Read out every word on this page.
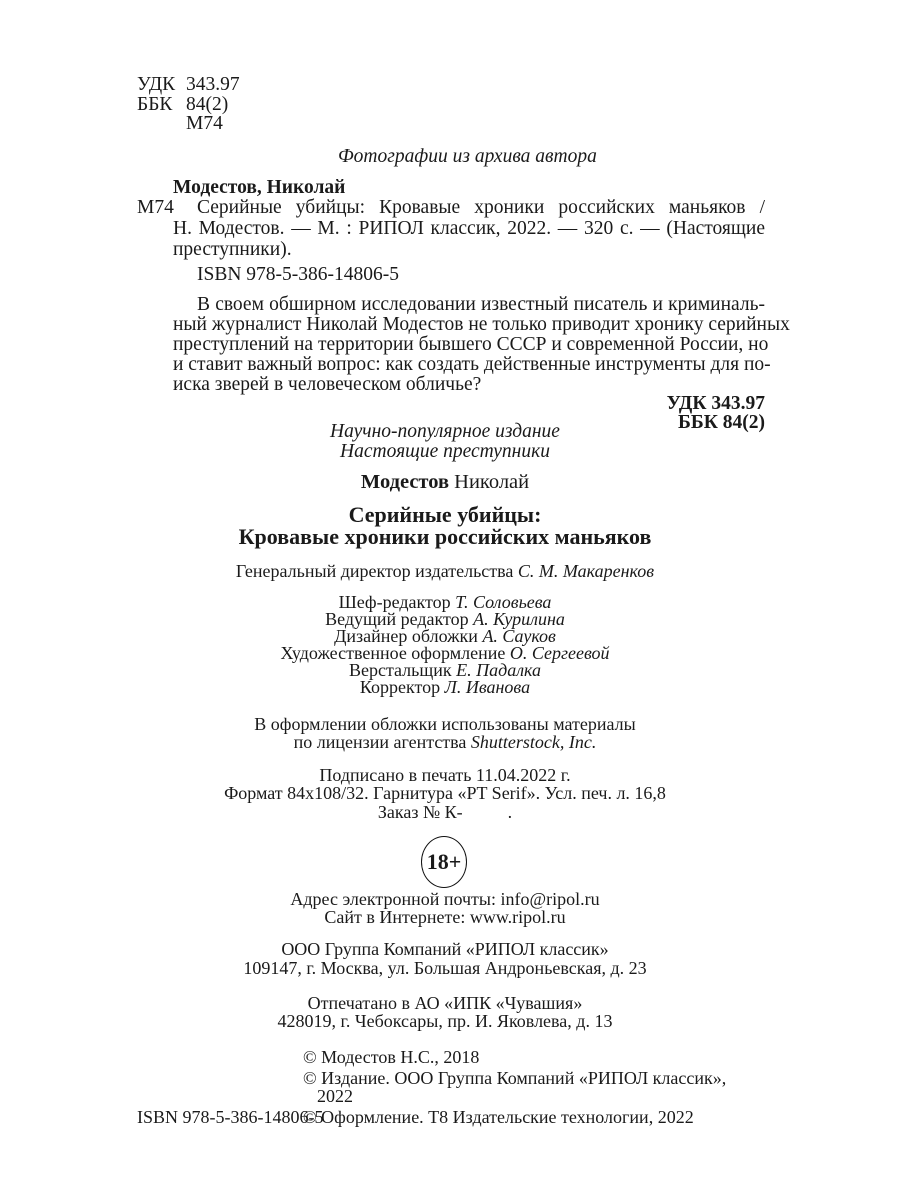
УДК 343.97
ББК 84(2)
М74
Фотографии из архива автора
Модестов, Николай
М74 Серийные убийцы: Кровавые хроники российских маньяков /
Н. Модестов. — М. : РИПОЛ классик, 2022. — 320 с. — (Настоящие
преступники).
ISBN 978-5-386-14806-5
В своем обширном исследовании известный писатель и криминаль-
ный журналист Николай Модестов не только приводит хронику серийных
преступлений на территории бывшего СССР и современной России, но
и ставит важный вопрос: как создать действенные инструменты для по-
иска зверей в человеческом обличье?
УДК 343.97
ББК 84(2)
Научно-популярное издание
Настоящие преступники
Модестов Николай
Серийные убийцы:
Кровавые хроники российских маньяков
Генеральный директор издательства С. М. Макаренков
Шеф-редактор Т. Соловьева
Ведущий редактор А. Курилина
Дизайнер обложки А. Сауков
Художественное оформление О. Сергеевой
Верстальщик Е. Падалка
Корректор Л. Иванова
В оформлении обложки использованы материалы
по лицензии агентства Shutterstock, Inc.
Подписано в печать 11.04.2022 г.
Формат 84x108/32. Гарнитура «PT Serif». Усл. печ. л. 16,8
Заказ № К-          .
18+
Адрес электронной почты: info@ripol.ru
Сайт в Интернете: www.ripol.ru
ООО Группа Компаний «РИПОЛ классик»
109147, г. Москва, ул. Большая Андроньевская, д. 23
Отпечатано в АО «ИПК «Чувашия»
428019, г. Чебоксары, пр. И. Яковлева, д. 13
© Модестов Н.С., 2018
© Издание. ООО Группа Компаний «РИПОЛ классик»,
2022
© Оформление. Т8 Издательские технологии, 2022
ISBN 978-5-386-14806-5
